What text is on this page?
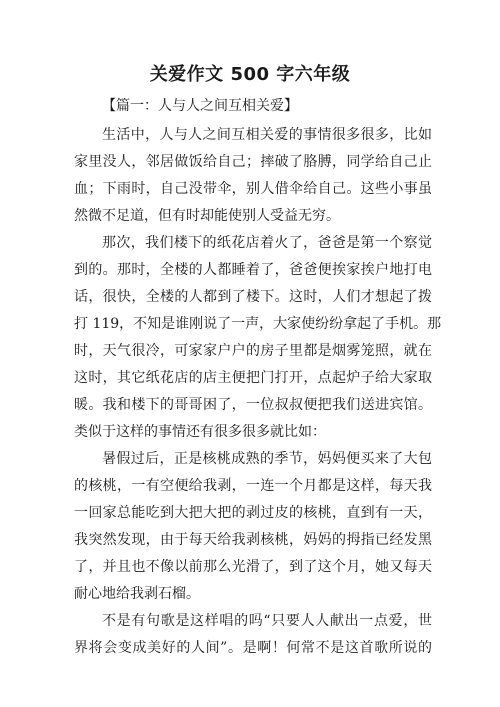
关爱作文 500 字六年级
【篇一：人与人之间互相关爱】
生活中，人与人之间互相关爱的事情很多很多，比如
家里没人，邻居做饭给自己；摔破了胳膊，同学给自己止
血；下雨时，自己没带伞，别人借伞给自己。这些小事虽
然微不足道，但有时却能使别人受益无穷。
那次，我们楼下的纸花店着火了，爸爸是第一个察觉
到的。那时，全楼的人都睡着了，爸爸便挨家挨户地打电
话，很快，全楼的人都到了楼下。这时，人们才想起了拨
打 119，不知是谁刚说了一声，大家使纷纷拿起了手机。那
时，天气很冷，可家家户户的房子里都是烟雾笼照，就在
这时，其它纸花店的店主便把门打开，点起炉子给大家取
暖。我和楼下的哥哥困了，一位叔叔便把我们送进宾馆。
类似于这样的事情还有很多很多就比如：
暑假过后，正是核桃成熟的季节，妈妈便买来了大包
的核桃，一有空便给我剥，一连一个月都是这样，每天我
一回家总能吃到大把大把的剥过皮的核桃，直到有一天，
我突然发现，由于每天给我剥核桃，妈妈的拇指已经发黑
了，并且也不像以前那么光滑了，到了这个月，她又每天
耐心地给我剥石榴。
不是有句歌是这样唱的吗“只要人人献出一点爱，世
界将会变成美好的人间”。是啊！何常不是这首歌所说的
